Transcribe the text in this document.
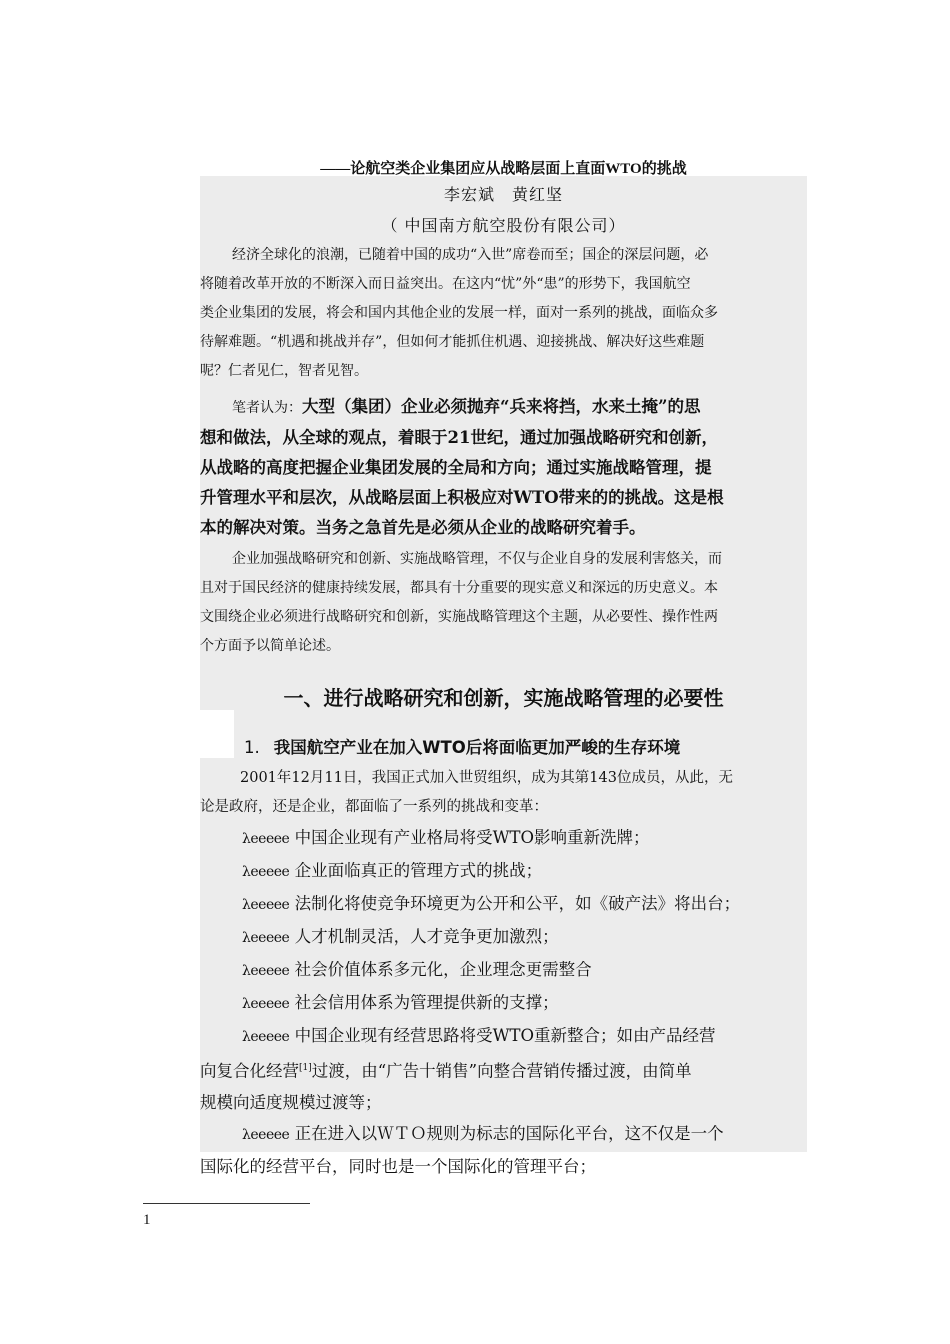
——论航空类企业集团应从战略层面上直面WTO的挑战
李宏斌　黄红坚
（ 中国南方航空股份有限公司）
经济全球化的浪潮，已随着中国的成功“入世”席卷而至；国企的深层问题，必
将随着改革开放的不断深入而日益突出。在这内“忧”外“患”的形势下，我国航空
类企业集团的发展，将会和国内其他企业的发展一样，面对一系列的挑战，面临众多
待解难题。“机遇和挑战并存”，但如何才能抓住机遇、迎接挑战、解决好这些难题
呢？仁者见仁，智者见智。
笔者认为：大型（集团）企业必须抛弃“兵来将挡，水来土掩”的思
想和做法，从全球的观点，着眼于21世纪，通过加强战略研究和创新，
从战略的高度把握企业集团发展的全局和方向；通过实施战略管理，提
升管理水平和层次，从战略层面上积极应对WTO带来的的挑战。这是根
本的解决对策。当务之急首先是必须从企业的战略研究着手。
企业加强战略研究和创新、实施战略管理，不仅与企业自身的发展利害悠关，而
且对于国民经济的健康持续发展，都具有十分重要的现实意义和深远的历史意义。本
文围绕企业必须进行战略研究和创新，实施战略管理这个主题，从必要性、操作性两
个方面予以简单论述。
一、进行战略研究和创新，实施战略管理的必要性
1. 我国航空产业在加入WTO后将面临更加严峻的生存环境
2001年12月11日，我国正式加入世贸组织，成为其第143位成员，从此，无
论是政府，还是企业，都面临了一系列的挑战和变革：
λeeeee 中国企业现有产业格局将受WTO影响重新洗牌；
λeeeee 企业面临真正的管理方式的挑战；
λeeeee 法制化将使竞争环境更为公开和公平，如《破产法》将出台；
λeeeee 人才机制灵活，人才竞争更加激烈；
λeeeee 社会价值体系多元化，企业理念更需整合
λeeeee 社会信用体系为管理提供新的支撑；
λeeeee 中国企业现有经营思路将受WTO重新整合；如由产品经营
向复合化经营[1]过渡，由“广告十销售”向整合营销传播过渡，由简单
规模向适度规模过渡等；
λeeeee 正在进入以ＷＴＯ规则为标志的国际化平台，这不仅是一个
国际化的经营平台，同时也是一个国际化的管理平台；
1
